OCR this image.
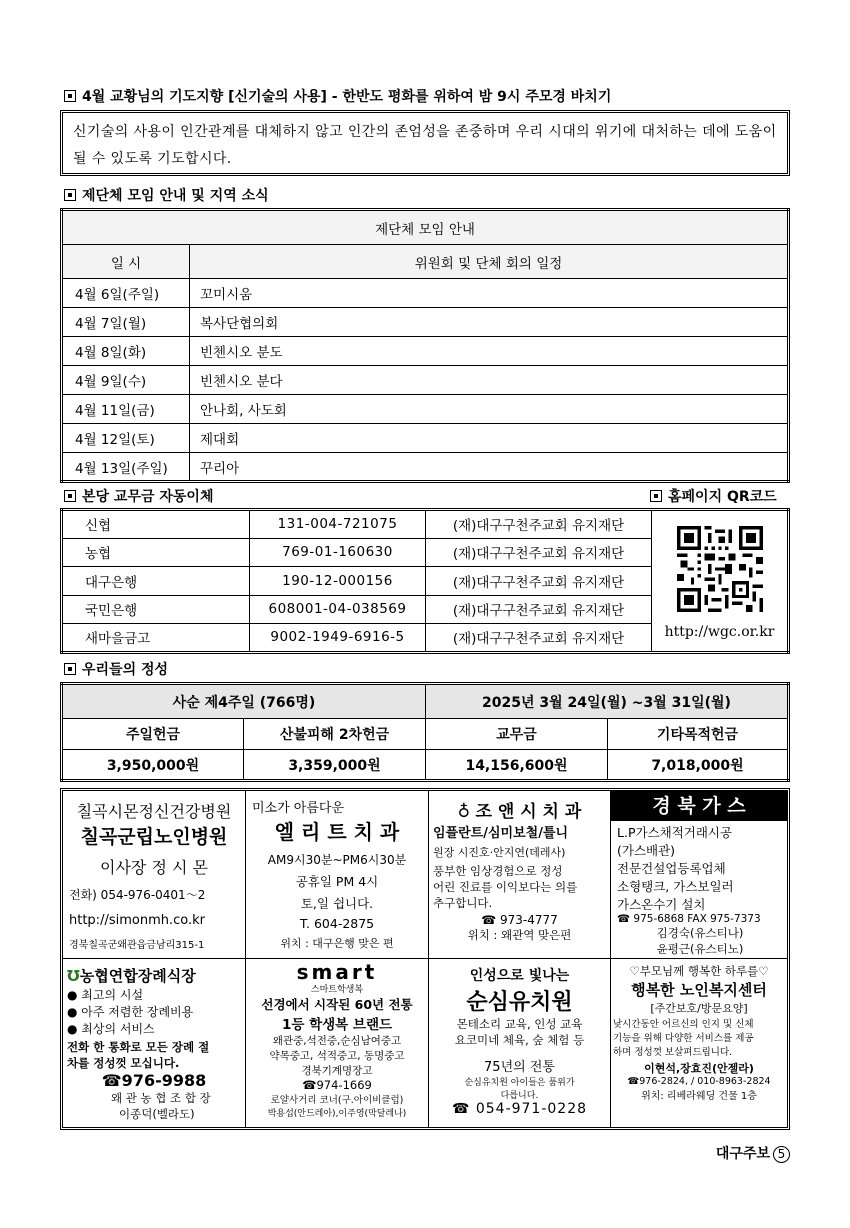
4월 교황님의 기도지향 [신기술의 사용] - 한반도 평화를 위하여 밤 9시 주모경 바치기
신기술의 사용이 인간관계를 대체하지 않고 인간의 존엄성을 존중하며 우리 시대의 위기에 대처하는 데에 도움이 될 수 있도록 기도합시다.
제단체 모임 안내 및 지역 소식
제단체 모임 안내	
일 시	위원회 및 단체 회의 일정
4월 6일(주일)	꼬미시움
4월 7일(월)	복사단협의회
4월 8일(화)	빈첸시오 분도
4월 9일(수)	빈첸시오 분다
4월 11일(금)	안나회, 사도회
4월 12일(토)	제대회
4월 13일(주일)	꾸리아
본당 교무금 자동이체	홈페이지 QR코드
신협	131-004-721075	(재)대구구천주교회 유지재단	http://wgc.or.kr

농협	769-01-160630	(재)대구구천주교회 유지재단	
대구은행	190-12-000156	(재)대구구천주교회 유지재단	
국민은행	608001-04-038569	(재)대구구천주교회 유지재단	
새마을금고	9002-1949-6916-5	(재)대구구천주교회 유지재단	
우리들의 정성
사순 제4주일 (766명)		2025년 3월 24일(월) ~3월 31일(월)	
주일헌금	산불피해 2차헌금	교무금	기타목적헌금
3,950,000원	3,359,000원	14,156,600원	7,018,000원
칠곡시몬정신건강병원
칠곡군립노인병원
이사장 정 시 몬
전화) 054-976-0401～2
http://simonmh.co.kr
경북칠곡군왜관읍금남리315-1
미소가 아름다운
엘 리 트 치 과
AM9시30분~PM6시30분
공휴일 PM 4시
토,일 쉽니다.
T. 604-2875
위치 : 대구은행 맞은 편
♁ 조 앤 시 치 과
임플란트/심미보철/틀니
원장 시진호·안지연(데레사)
풍부한 임상경험으로 정성
어린 진료를 이익보다는 의를
추구합니다.
☎ 973-4777
위치 : 왜관역 맞은편
경 북 가 스
L.P가스채적거래시공
(가스배관)
전문건설업등록업체
소형탱크, 가스보일러
가스온수기 설치
☎ 975-6868 FAX 975-7373
김경숙(유스티나)
윤평근(유스티노)
Ʊ농협연합장례식장
● 최고의 시설
● 아주 저렴한 장례비용
● 최상의 서비스
전화 한 통화로 모든 장례 절
차를 정성껏 모십니다.
☎976-9988
왜 관 농 협 조 합 장
이종덕(벨라도)
smart
스마트학생복
선경에서 시작된 60년 전통
1등 학생복 브랜드
왜관중,석전중,순심남여중고
약목중고, 석적중고, 동명중고
경북기계명장고
☎974-1669
로얄사거리 코너(구.아이비클럽)
박용섭(안드레아),이주영(막달레나)
인성으로 빛나는
순심유치원
몬테소리 교육, 인성 교육
요코미네 체육, 숲 체험 등
75년의 전통
순심유치원 아이들은 품위가
다릅니다.
☎ 054-971-0228
♡부모님께 행복한 하루를♡
행복한 노인복지센터
[주간보호/방문요양]
낮시간동안 어르신의 인지 및 신체
기능을 위해 다양한 서비스를 제공
하며 정성껏 보살펴드립니다.
이현석,장효진(안젤라)
☎976-2824, / 010-8963-2824
위치: 리베라웨딩 건물 1층
대구주보 5
